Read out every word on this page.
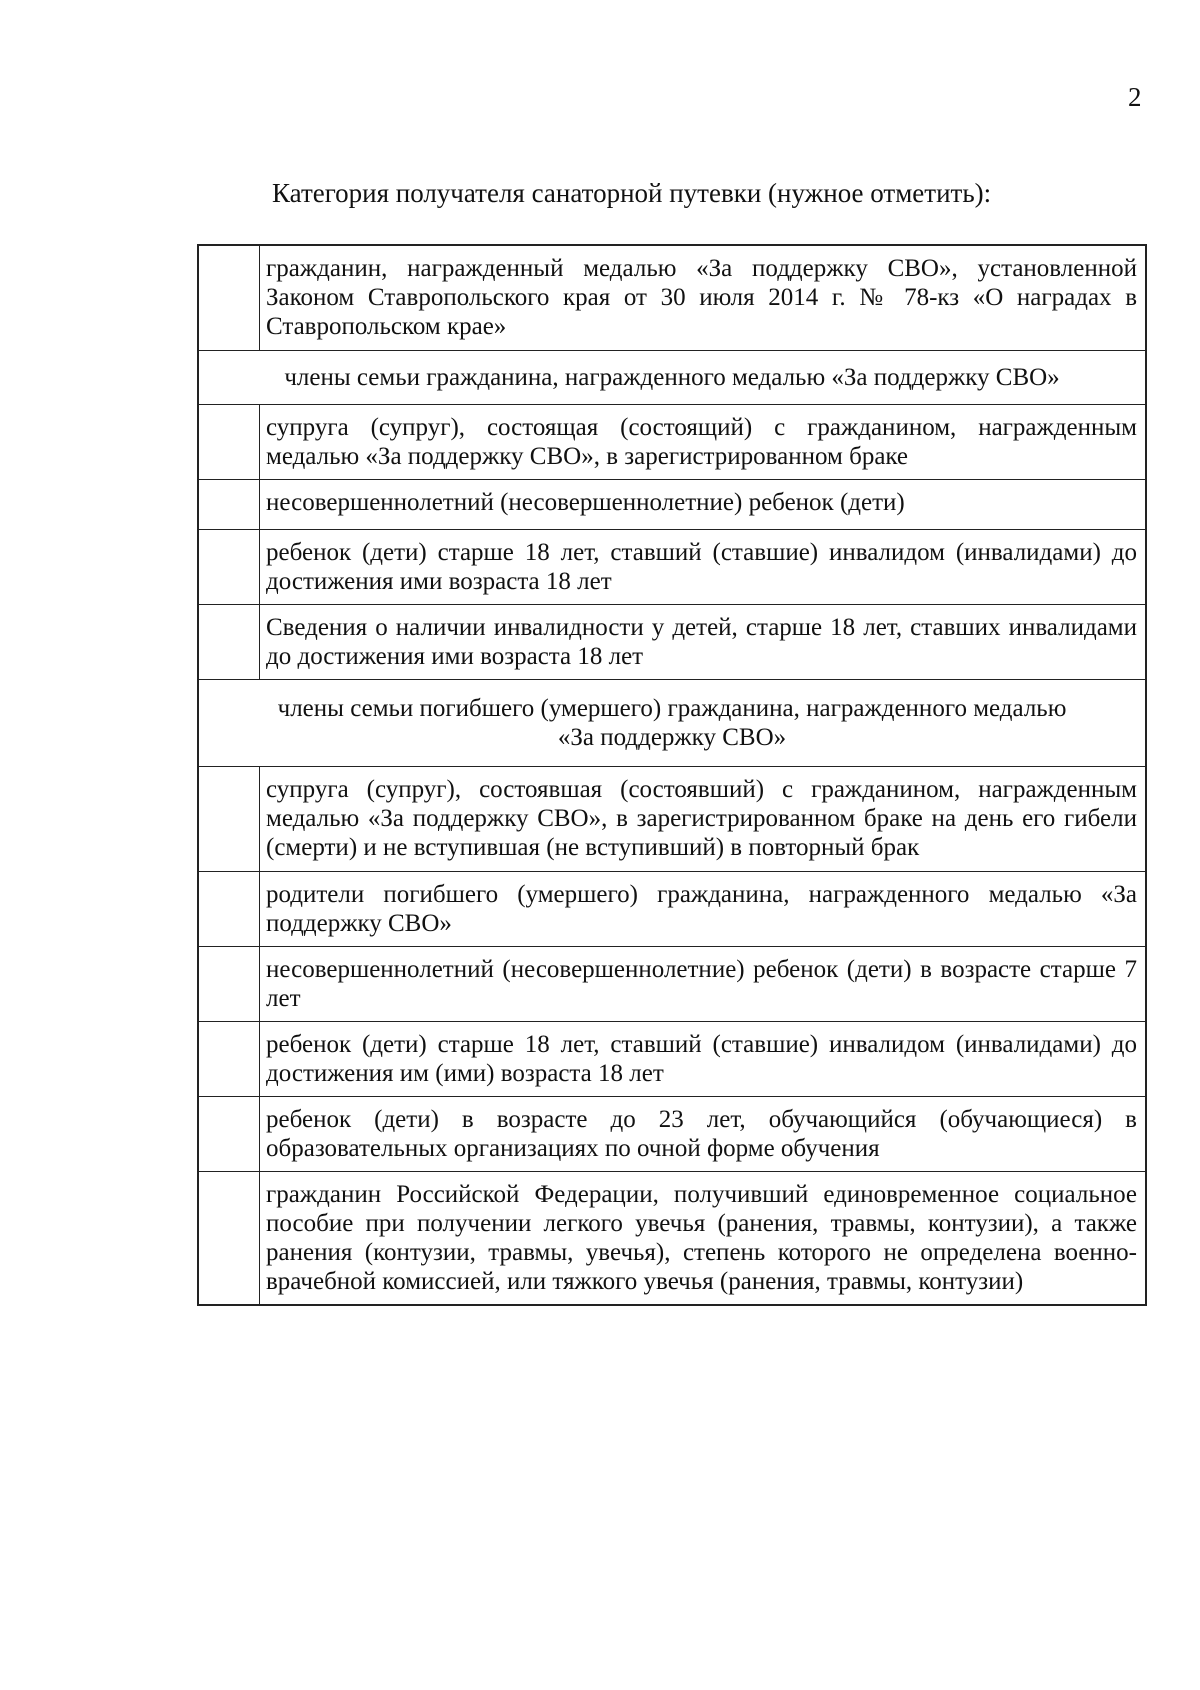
2
Категория получателя санаторной путевки (нужное отметить):
гражданин, награжденный медалью «За поддержку СВО», установленной Законом Ставропольского края от 30 июля 2014 г. № 78-кз «О наградах в Ставропольском крае»
члены семьи гражданина, награжденного медалью «За поддержку СВО»
супруга (супруг), состоящая (состоящий) с гражданином, награжденным медалью «За поддержку СВО», в зарегистрированном браке
несовершеннолетний (несовершеннолетние) ребенок (дети)
ребенок (дети) старше 18 лет, ставший (ставшие) инвалидом (инвалидами) до достижения ими возраста 18 лет
Сведения о наличии инвалидности у детей, старше 18 лет, ставших инвалидами до достижения ими возраста 18 лет
члены семьи погибшего (умершего) гражданина, награжденного медалью «За поддержку СВО»
супруга (супруг), состоявшая (состоявший) с гражданином, награжденным медалью «За поддержку СВО», в зарегистрированном браке на день его гибели (смерти) и не вступившая (не вступивший) в повторный брак
родители погибшего (умершего) гражданина, награжденного медалью «За поддержку СВО»
несовершеннолетний (несовершеннолетние) ребенок (дети) в возрасте старше 7 лет
ребенок (дети) старше 18 лет, ставший (ставшие) инвалидом (инвалидами) до достижения им (ими) возраста 18 лет
ребенок (дети) в возрасте до 23 лет, обучающийся (обучающиеся) в образовательных организациях по очной форме обучения
гражданин Российской Федерации, получивший единовременное социальное пособие при получении легкого увечья (ранения, травмы, контузии), а также ранения (контузии, травмы, увечья), степень которого не определена военно-врачебной комиссией, или тяжкого увечья (ранения, травмы, контузии)
